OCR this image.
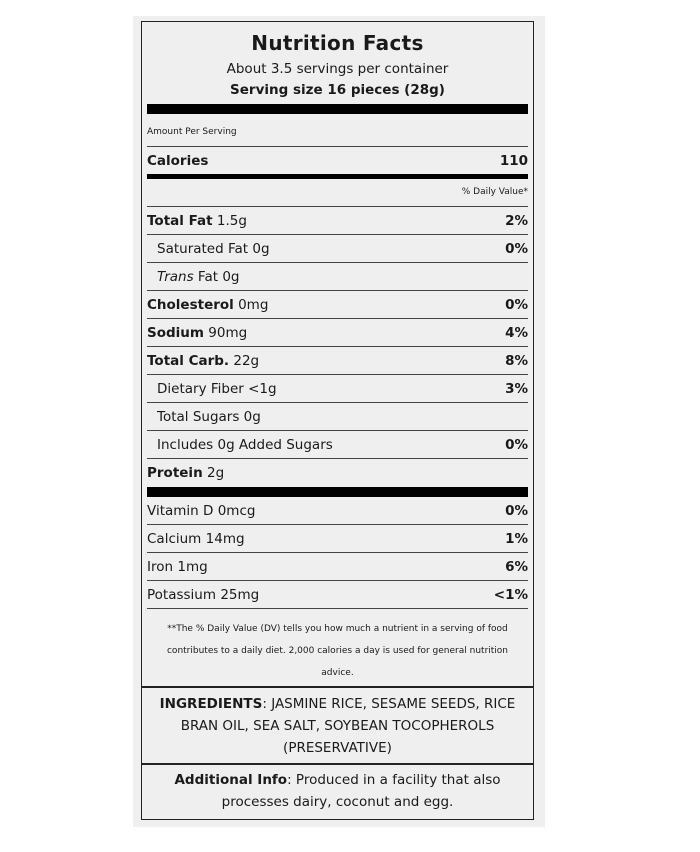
Nutrition Facts
About 3.5 servings per container
Serving size 16 pieces (28g)
Amount Per Serving
Calories	110
% Daily Value*
Total Fat 1.5g	2%
Saturated Fat 0g	0%
Trans Fat 0g
Cholesterol 0mg	0%
Sodium 90mg	4%
Total Carb. 22g	8%
Dietary Fiber <1g	3%
Total Sugars 0g
Includes 0g Added Sugars	0%
Protein 2g
Vitamin D 0mcg	0%
Calcium 14mg	1%
Iron 1mg	6%
Potassium 25mg	<1%
**The % Daily Value (DV) tells you how much a nutrient in a serving of food contributes to a daily diet. 2,000 calories a day is used for general nutrition advice.
INGREDIENTS: JASMINE RICE, SESAME SEEDS, RICE BRAN OIL, SEA SALT, SOYBEAN TOCOPHEROLS (PRESERVATIVE)
Additional Info: Produced in a facility that also processes dairy, coconut and egg.
